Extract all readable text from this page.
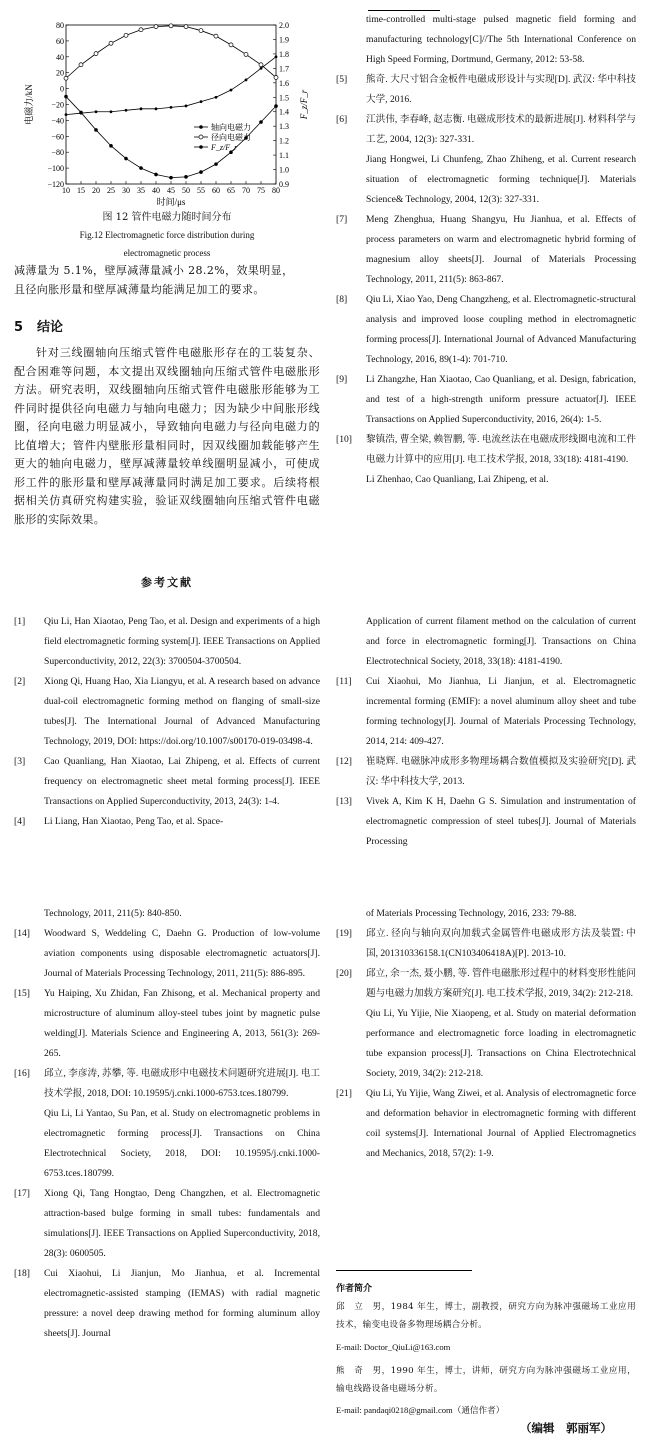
10 15 20 25 30 35 40 45 50 55 60 65 70 75 80
80
60
40
20
0
−20
−40
−60
−80
−100
−120
2.0
1.9
1.8
1.7
1.6
1.5
1.4
1.3
1.2
1.1
1.0
0.9
时间/μs
电磁力/kN	F_z/F_r
轴向电磁力
径向电磁力
F_z/F_r
图 12 管件电磁力随时间分布
Fig.12 Electromagnetic force distribution during
electromagnetic process
减薄量为 5.1%，壁厚减薄量减小 28.2%，效果明显，
且径向胀形量和壁厚减薄量均能满足加工的要求。
5 结论
针对三线圈轴向压缩式管件电磁胀形存在的工装复杂、配合困难等问题，本文提出双线圈轴向压缩式管件电磁胀形方法。研究表明，双线圈轴向压缩式管件电磁胀形能够为工件同时提供径向电磁力与轴向电磁力；因为缺少中间胀形线圈，径向电磁力明显减小，导致轴向电磁力与径向电磁力的比值增大；管件内壁胀形量相同时，因双线圈加载能够产生更大的轴向电磁力，壁厚减薄量较单线圈明显减小，可使成形工件的胀形量和壁厚减薄量同时满足加工要求。后续将根据相关仿真研究构建实验，验证双线圈轴向压缩式管件电磁胀形的实际效果。
参考文献
[1] Qiu Li, Han Xiaotao, Peng Tao, et al. Design and experiments of a high field electromagnetic forming system[J]. IEEE Transactions on Applied Superconductivity, 2012, 22(3): 3700504-3700504.
[2] Xiong Qi, Huang Hao, Xia Liangyu, et al. A research based on advance dual-coil electromagnetic forming method on flanging of small-size tubes[J]. The International Journal of Advanced Manufacturing Technology, 2019, DOI: https://doi.org/10.1007/s00170-019-03498-4.
[3] Cao Quanliang, Han Xiaotao, Lai Zhipeng, et al. Effects of current frequency on electromagnetic sheet metal forming process[J]. IEEE Transactions on Applied Superconductivity, 2013, 24(3): 1-4.
[4] Li Liang, Han Xiaotao, Peng Tao, et al. Space-
Technology, 2011, 211(5): 840-850.
[14] Woodward S, Weddeling C, Daehn G. Production of low-volume aviation components using disposable electromagnetic actuators[J]. Journal of Materials Processing Technology, 2011, 211(5): 886-895.
[15] Yu Haiping, Xu Zhidan, Fan Zhisong, et al. Mechanical property and microstructure of aluminum alloy-steel tubes joint by magnetic pulse welding[J]. Materials Science and Engineering A, 2013, 561(3): 269-265.
[16] 邱立, 李彦涛, 苏攀, 等. 电磁成形中电磁技术问题研究进展[J]. 电工技术学报, 2018, DOI: 10.19595/j.cnki.1000-6753.tces.180799.
Qiu Li, Li Yantao, Su Pan, et al. Study on electromagnetic problems in electromagnetic forming process[J]. Transactions on China Electrotechnical Society, 2018, DOI: 10.19595/j.cnki.1000-6753.tces.180799.
[17] Xiong Qi, Tang Hongtao, Deng Changzhen, et al. Electromagnetic attraction-based bulge forming in small tubes: fundamentals and simulations[J]. IEEE Transactions on Applied Superconductivity, 2018, 28(3): 0600505.
[18] Cui Xiaohui, Li Jianjun, Mo Jianhua, et al. Incremental electromagnetic-assisted stamping (IEMAS) with radial magnetic pressure: a novel deep drawing method for forming aluminum alloy sheets[J]. Journal
time-controlled multi-stage pulsed magnetic field forming and manufacturing technology[C]//The 5th International Conference on High Speed Forming, Dortmund, Germany, 2012: 53-58.
[5] 熊奇. 大尺寸铝合金板件电磁成形设计与实现[D]. 武汉: 华中科技大学, 2016.
[6] 江洪伟, 李春峰, 赵志衡. 电磁成形技术的最新进展[J]. 材料科学与工艺, 2004, 12(3): 327-331.
Jiang Hongwei, Li Chunfeng, Zhao Zhiheng, et al. Current research situation of electromagnetic forming technique[J]. Materials Science& Technology, 2004, 12(3): 327-331.
[7] Meng Zhenghua, Huang Shangyu, Hu Jianhua, et al. Effects of process parameters on warm and electromagnetic hybrid forming of magnesium alloy sheets[J]. Journal of Materials Processing Technology, 2011, 211(5): 863-867.
[8] Qiu Li, Xiao Yao, Deng Changzheng, et al. Electromagnetic-structural analysis and improved loose coupling method in electromagnetic forming process[J]. International Journal of Advanced Manufacturing Technology, 2016, 89(1-4): 701-710.
[9] Li Zhangzhe, Han Xiaotao, Cao Quanliang, et al. Design, fabrication, and test of a high-strength uniform pressure actuator[J]. IEEE Transactions on Applied Superconductivity, 2016, 26(4): 1-5.
[10] 黎镇浩, 曹全梁, 赖智鹏, 等. 电流丝法在电磁成形线圈电流和工件电磁力计算中的应用[J]. 电工技术学报, 2018, 33(18): 4181-4190.
Li Zhenhao, Cao Quanliang, Lai Zhipeng, et al.
Application of current filament method on the calculation of current and force in electromagnetic forming[J]. Transactions on China Electrotechnical Society, 2018, 33(18): 4181-4190.
[11] Cui Xiaohui, Mo Jianhua, Li Jianjun, et al. Electromagnetic incremental forming (EMIF): a novel aluminum alloy sheet and tube forming technology[J]. Journal of Materials Processing Technology, 2014, 214: 409-427.
[12] 崔晓辉. 电磁脉冲成形多物理场耦合数值模拟及实验研究[D]. 武汉: 华中科技大学, 2013.
[13] Vivek A, Kim K H, Daehn G S. Simulation and instrumentation of electromagnetic compression of steel tubes[J]. Journal of Materials Processing
of Materials Processing Technology, 2016, 233: 79-88.
[19] 邱立. 径向与轴向双向加载式金属管件电磁成形方法及装置: 中国, 201310336158.1(CN103406418A)[P]. 2013-10.
[20] 邱立, 余一杰, 聂小鹏, 等. 管件电磁胀形过程中的材料变形性能问题与电磁力加载方案研究[J]. 电工技术学报, 2019, 34(2): 212-218.
Qiu Li, Yu Yijie, Nie Xiaopeng, et al. Study on material deformation performance and electromagnetic force loading in electromagnetic tube expansion process[J]. Transactions on China Electrotechnical Society, 2019, 34(2): 212-218.
[21] Qiu Li, Yu Yijie, Wang Ziwei, et al. Analysis of electromagnetic force and deformation behavior in electromagnetic forming with different coil systems[J]. International Journal of Applied Electromagnetics and Mechanics, 2018, 57(2): 1-9.
作者简介
邱　立　男，1984 年生，博士，副教授，研究方向为脉冲强磁场工业应用技术，输变电设备多物理场耦合分析。
E-mail: Doctor_QiuLi@163.com
熊　奇　男，1990 年生，博士，讲师，研究方向为脉冲强磁场工业应用，输电线路设备电磁场分析。
E-mail: pandaqi0218@gmail.com（通信作者）
（编辑　郭丽军）
